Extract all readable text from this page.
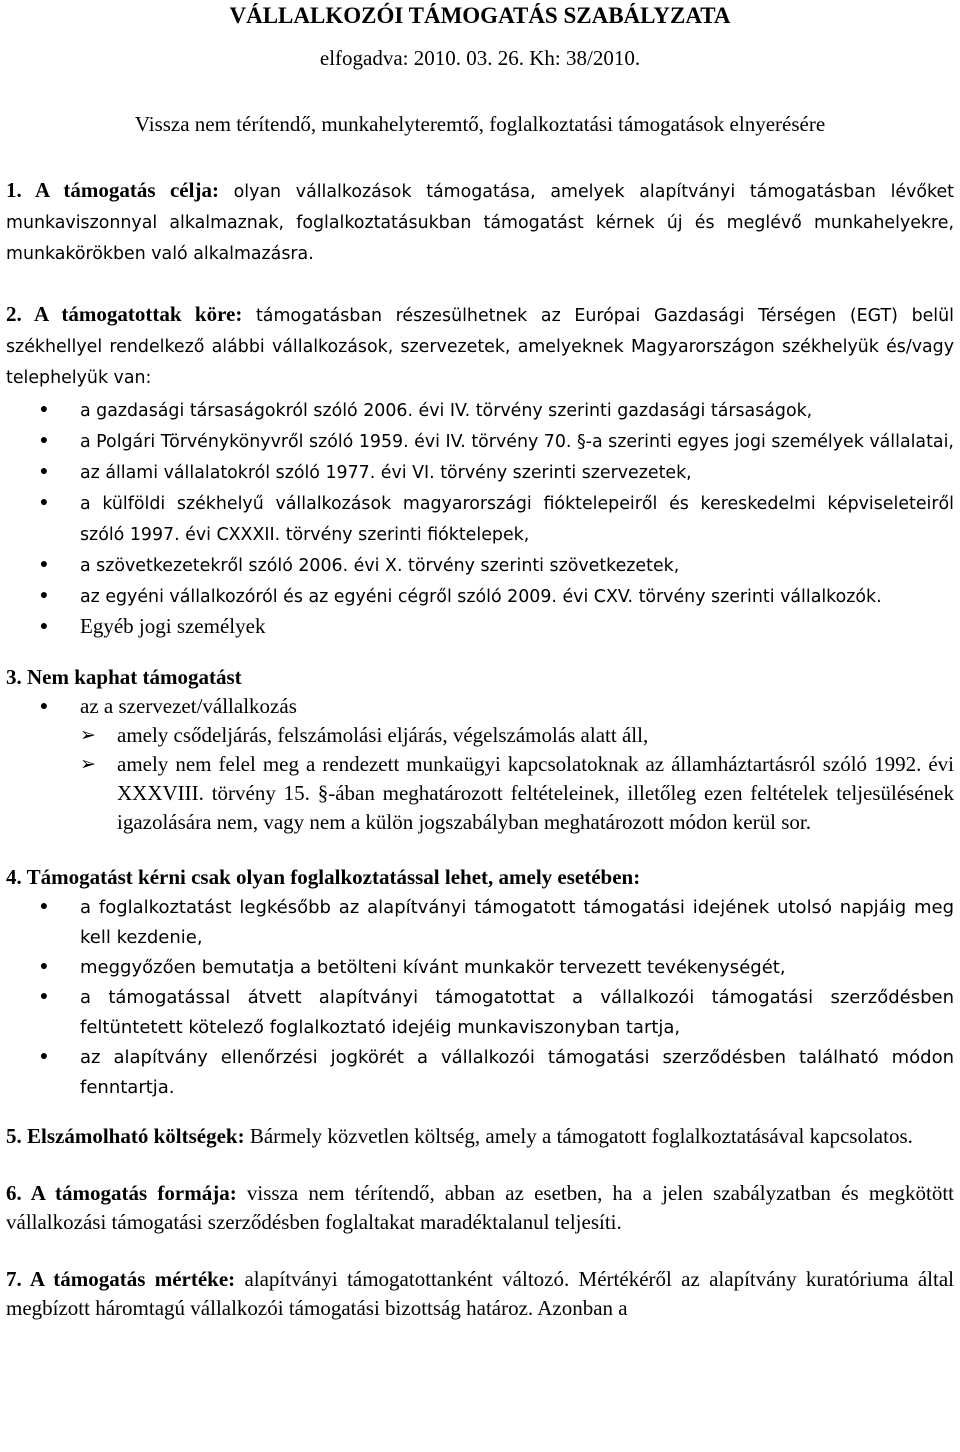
VÁLLALKOZÓI TÁMOGATÁS SZABÁLYZATA

elfogadva: 2010. 03. 26. Kh: 38/2010.

Vissza nem térítendő, munkahelyteremtő, foglalkoztatási támogatások elnyerésére

1. A támogatás célja: olyan vállalkozások támogatása, amelyek alapítványi támogatásban lévőket munkaviszonnyal alkalmaznak, foglalkoztatásukban támogatást kérnek új és meglévő munkahelyekre, munkakörökben való alkalmazásra.

2. A támogatottak köre: támogatásban részesülhetnek az Európai Gazdasági Térségen (EGT) belül székhellyel rendelkező alábbi vállalkozások, szervezetek, amelyeknek Magyarországon székhelyük és/vagy telephelyük van:

●	a gazdasági társaságokról szóló 2006. évi IV. törvény szerinti gazdasági társaságok,
●	a Polgári Törvénykönyvről szóló 1959. évi IV. törvény 70. §-a szerinti egyes jogi személyek vállalatai,
●	az állami vállalatokról szóló 1977. évi VI. törvény szerinti szervezetek,
●	a külföldi székhelyű vállalkozások magyarországi fióktelepeiről és kereskedelmi képviseleteiről szóló 1997. évi CXXXII. törvény szerinti fióktelepek,
●	a szövetkezetekről szóló 2006. évi X. törvény szerinti szövetkezetek,
●	az egyéni vállalkozóról és az egyéni cégről szóló 2009. évi CXV. törvény szerinti vállalkozók.
● Egyéb jogi személyek

3. Nem kaphat támogatást

● az a szervezet/vállalkozás
➢ amely csődeljárás, felszámolási eljárás, végelszámolás alatt áll,
➢ amely nem felel meg a rendezett munkaügyi kapcsolatoknak az államháztartásról szóló 1992. évi XXXVIII. törvény 15. §-ában meghatározott feltételeinek, illetőleg ezen feltételek teljesülésének igazolására nem, vagy nem a külön jogszabályban meghatározott módon kerül sor.

4. Támogatást kérni csak olyan foglalkoztatással lehet, amely esetében:

●	a foglalkoztatást legkésőbb az alapítványi támogatott támogatási idejének utolsó napjáig meg kell kezdenie,
●	meggyőzően bemutatja a betölteni kívánt munkakör tervezett tevékenységét,
●	a támogatással átvett alapítványi támogatottat a vállalkozói támogatási szerződésben feltüntetett kötelező foglalkoztató idejéig munkaviszonyban tartja,
●	az alapítvány ellenőrzési jogkörét a vállalkozói támogatási szerződésben található módon fenntartja.

5. Elszámolható költségek: Bármely közvetlen költség, amely a támogatott foglalkoztatásával kapcsolatos.

6. A támogatás formája: vissza nem térítendő, abban az esetben, ha a jelen szabályzatban és megkötött vállalkozási támogatási szerződésben foglaltakat maradéktalanul teljesíti.

7. A támogatás mértéke: alapítványi támogatottanként változó. Mértékéről az alapítvány kuratóriuma által megbízott háromtagú vállalkozói támogatási bizottság határoz. Azonban a
